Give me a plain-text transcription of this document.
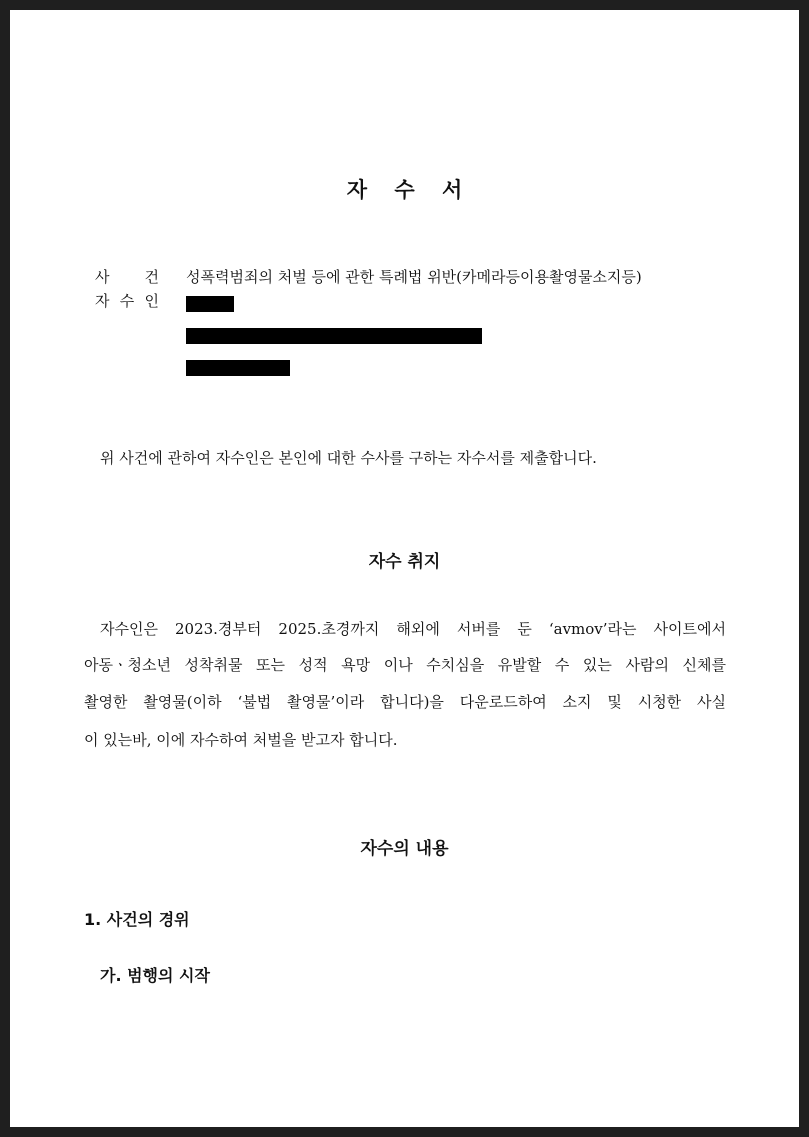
자 수 서
사 건 성폭력범죄의 처벌 등에 관한 특례법 위반(카메라등이용촬영물소지등)
자 수 인
위 사건에 관하여 자수인은 본인에 대한 수사를 구하는 자수서를 제출합니다.
자수 취지
자수인은 2023.경부터 2025.초경까지 해외에 서버를 둔 ‘avmov’라는 사이트에서
아동ㆍ청소년 성착취물 또는 성적 욕망 이나 수치심을 유발할 수 있는 사람의 신체를
촬영한 촬영물(이하 ‘불법 촬영물’이라 합니다)을 다운로드하여 소지 및 시청한 사실
이 있는바, 이에 자수하여 처벌을 받고자 합니다.
자수의 내용
1. 사건의 경위
가. 범행의 시작
